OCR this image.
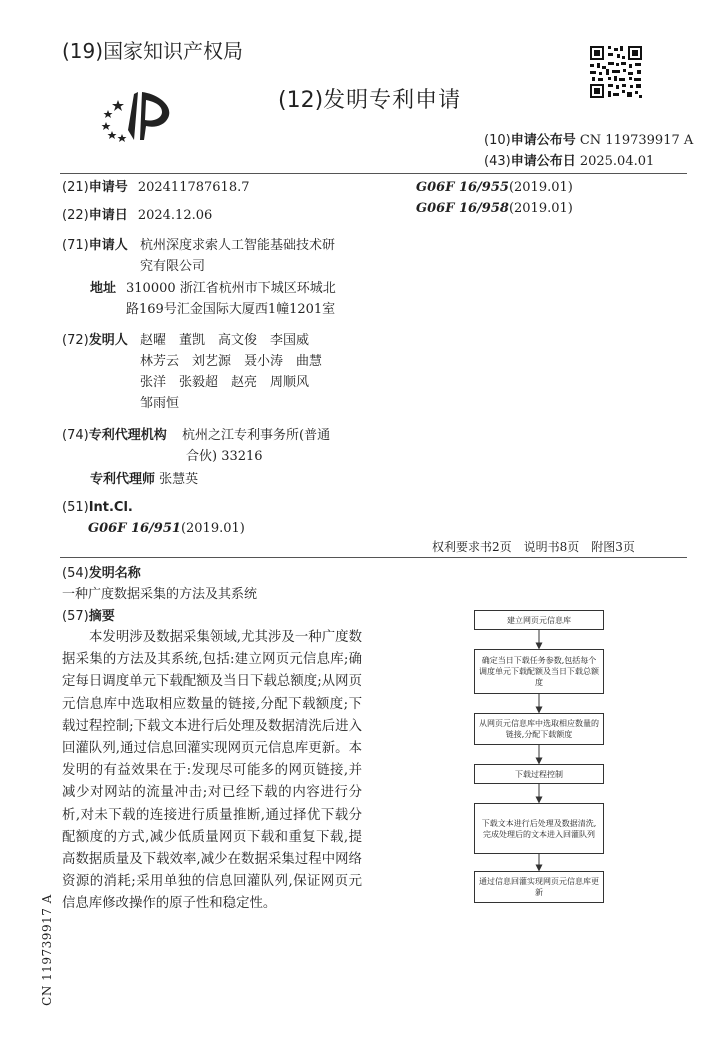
(19)国家知识产权局
(12)发明专利申请
(10)申请公布号 CN 119739917 A
(43)申请公布日 2025.04.01
(21)申请号 202411787618.7
(22)申请日 2024.12.06
G06F 16/955(2019.01)
G06F 16/958(2019.01)
(71)申请人 杭州深度求索人工智能基础技术研
究有限公司
地址 310000 浙江省杭州市下城区环城北
路169号汇金国际大厦西1幢1201室
(72)发明人 赵曜　董凯　高文俊　李国威
林芳云　刘艺源　聂小涛　曲慧
张洋　张毅超　赵亮　周顺风
邹雨恒
(74)专利代理机构 杭州之江专利事务所(普通
合伙) 33216
专利代理师 张慧英
(51)Int.Cl.
G06F 16/951(2019.01)
权利要求书2页　说明书8页　附图3页
(54)发明名称
一种广度数据采集的方法及其系统
(57)摘要
本发明涉及数据采集领域,尤其涉及一种广度数据采集的方法及其系统,包括:建立网页元信息库;确定每日调度单元下载配额及当日下载总额度;从网页元信息库中选取相应数量的链接,分配下载额度;下载过程控制;下载文本进行后处理及数据清洗后进入回灌队列,通过信息回灌实现网页元信息库更新。本发明的有益效果在于:发现尽可能多的网页链接,并减少对网站的流量冲击;对已经下载的内容进行分析,对未下载的连接进行质量推断,通过择优下载分配额度的方式,减少低质量网页下载和重复下载,提高数据质量及下载效率,减少在数据采集过程中网络资源的消耗;采用单独的信息回灌队列,保证网页元信息库修改操作的原子性和稳定性。
建立网页元信息库
确定当日下载任务参数,包括每个调度单元下载配额及当日下载总额度
从网页元信息库中选取相应数量的链接,分配下载额度
下载过程控制
下载文本进行后处理及数据清洗,完成处理后的文本进入回灌队列
通过信息回灌实现网页元信息库更新
CN 119739917 A
